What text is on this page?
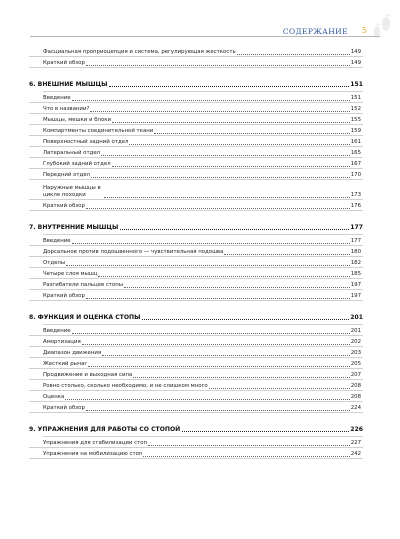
СОДЕРЖАНИЕ 5
Фасциальная проприоцепция и система, регулирующая жесткость	149
Краткий обзор	149
6. ВНЕШНИЕ МЫШЦЫ	151
Введение	151
Что в названии?	152
Мышцы, мешки и блоки	155
Компартменты соединительной ткани	159
Поверхностный задний отдел	161
Латеральный отдел	165
Глубокий задний отдел	167
Передний отдел	170
Наружные мышцы в цикле походки	173
Краткий обзор	176
7. ВНУТРЕННИЕ МЫШЦЫ	177
Введение	177
Дорсальное против подошвенного — чувствительная подошва	180
Отделы	182
Четыре слоя мышц	185
Разгибатели пальцев стопы	197
Краткий обзор	197
8. ФУНКЦИЯ И ОЦЕНКА СТОПЫ	201
Введение	201
Амортизация	202
Диапазон движения	203
Жесткий рычаг	205
Продвижение и выходная сила	207
Ровно столько, сколько необходимо, и не слишком много	208
Оценка	208
Краткий обзор	224
9. УПРАЖНЕНИЯ ДЛЯ РАБОТЫ СО СТОПОЙ	226
Упражнения для стабилизации стоп	227
Упражнения на мобилизацию стоп	242
